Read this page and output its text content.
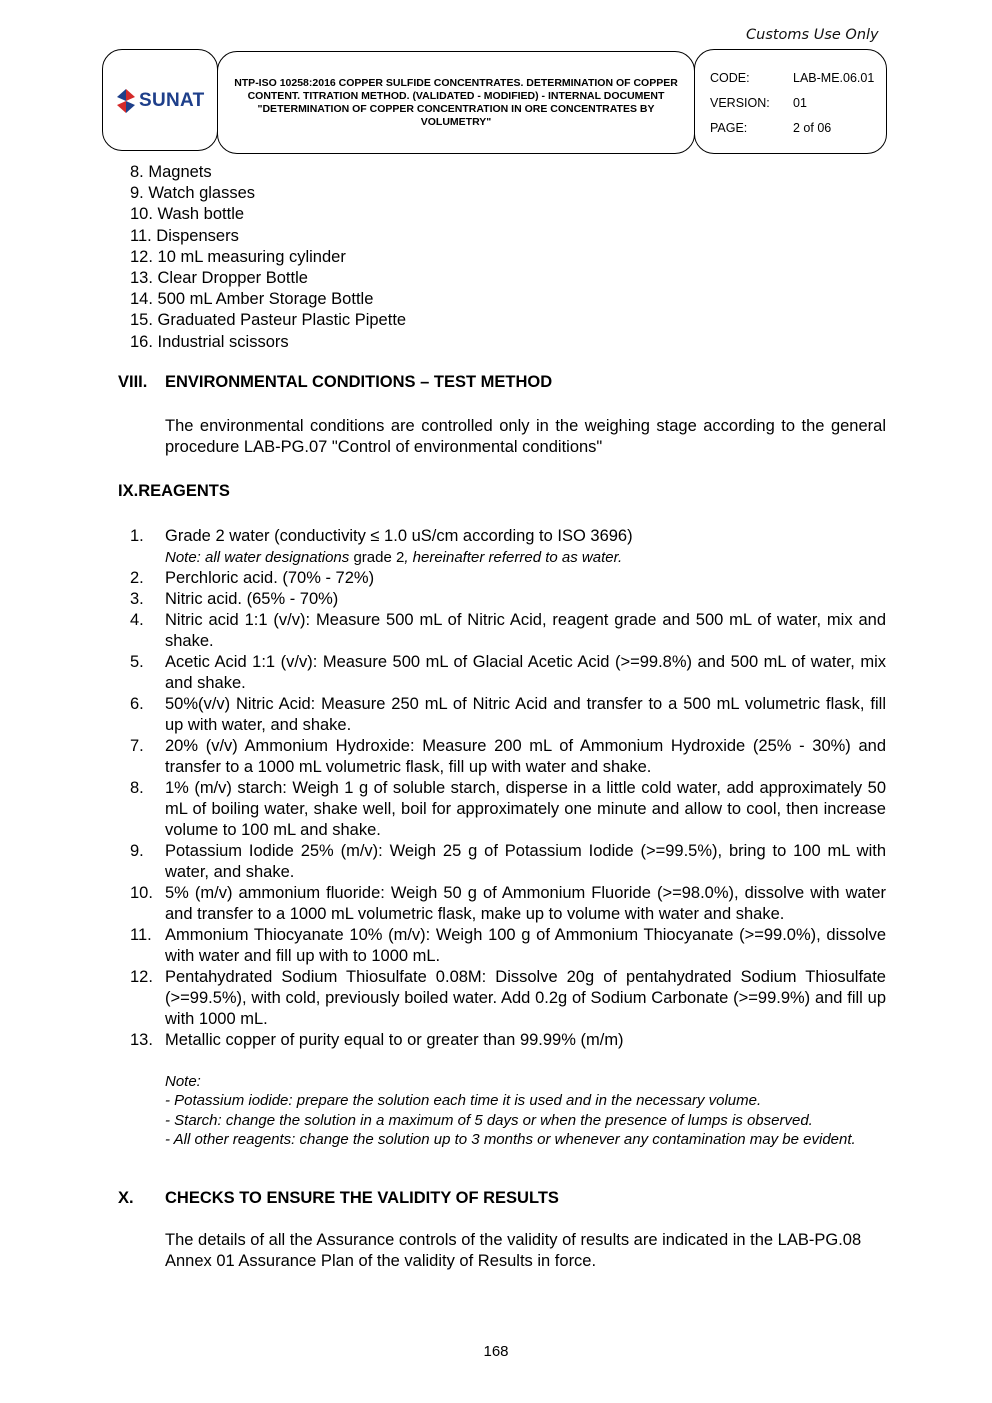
Customs Use Only
SUNAT
NTP-ISO 10258:2016 COPPER SULFIDE CONCENTRATES. DETERMINATION OF COPPER CONTENT. TITRATION METHOD. (VALIDATED - MODIFIED) - INTERNAL DOCUMENT "DETERMINATION OF COPPER CONCENTRATION IN ORE CONCENTRATES BY VOLUMETRY"
CODE:	LAB-ME.06.01
VERSION: 01
PAGE:	2 of 06
8. Magnets
9. Watch glasses
10. Wash bottle
11. Dispensers
12. 10 mL measuring cylinder
13. Clear Dropper Bottle
14. 500 mL Amber Storage Bottle
15. Graduated Pasteur Plastic Pipette
16. Industrial scissors
VIII. ENVIRONMENTAL CONDITIONS – TEST METHOD
The environmental conditions are controlled only in the weighing stage according to the general procedure LAB-PG.07 "Control of environmental conditions"
IX.REAGENTS
1.	Grade 2 water (conductivity ≤ 1.0 uS/cm according to ISO 3696)
Note: all water designations grade 2, hereinafter referred to as water.
2.	Perchloric acid. (70% - 72%)
3.	Nitric acid. (65% - 70%)
4.	Nitric acid 1:1 (v/v): Measure 500 mL of Nitric Acid, reagent grade and 500 mL of water, mix and shake.
5.	Acetic Acid 1:1 (v/v): Measure 500 mL of Glacial Acetic Acid (>=99.8%) and 500 mL of water, mix and shake.
6.	50%(v/v) Nitric Acid: Measure 250 mL of Nitric Acid and transfer to a 500 mL volumetric flask, fill up with water, and shake.
7.	20% (v/v) Ammonium Hydroxide: Measure 200 mL of Ammonium Hydroxide (25% - 30%) and transfer to a 1000 mL volumetric flask, fill up with water and shake.
8.	1% (m/v) starch: Weigh 1 g of soluble starch, disperse in a little cold water, add approximately 50 mL of boiling water, shake well, boil for approximately one minute and allow to cool, then increase volume to 100 mL and shake.
9.	Potassium Iodide 25% (m/v): Weigh 25 g of Potassium Iodide (>=99.5%), bring to 100 mL with water, and shake.
10. 5% (m/v) ammonium fluoride: Weigh 50 g of Ammonium Fluoride (>=98.0%), dissolve with water and transfer to a 1000 mL volumetric flask, make up to volume with water and shake.
11. Ammonium Thiocyanate 10% (m/v): Weigh 100 g of Ammonium Thiocyanate (>=99.0%), dissolve with water and fill up with to 1000 mL.
12. Pentahydrated Sodium Thiosulfate 0.08M: Dissolve 20g of pentahydrated Sodium Thiosulfate (>=99.5%), with cold, previously boiled water. Add 0.2g of Sodium Carbonate (>=99.9%) and fill up with 1000 mL.
13. Metallic copper of purity equal to or greater than 99.99% (m/m)
Note:
- Potassium iodide: prepare the solution each time it is used and in the necessary volume.
- Starch: change the solution in a maximum of 5 days or when the presence of lumps is observed.
- All other reagents: change the solution up to 3 months or whenever any contamination may be evident.
X. CHECKS TO ENSURE THE VALIDITY OF RESULTS
The details of all the Assurance controls of the validity of results are indicated in the LAB-PG.08 Annex 01 Assurance Plan of the validity of Results in force.
168
